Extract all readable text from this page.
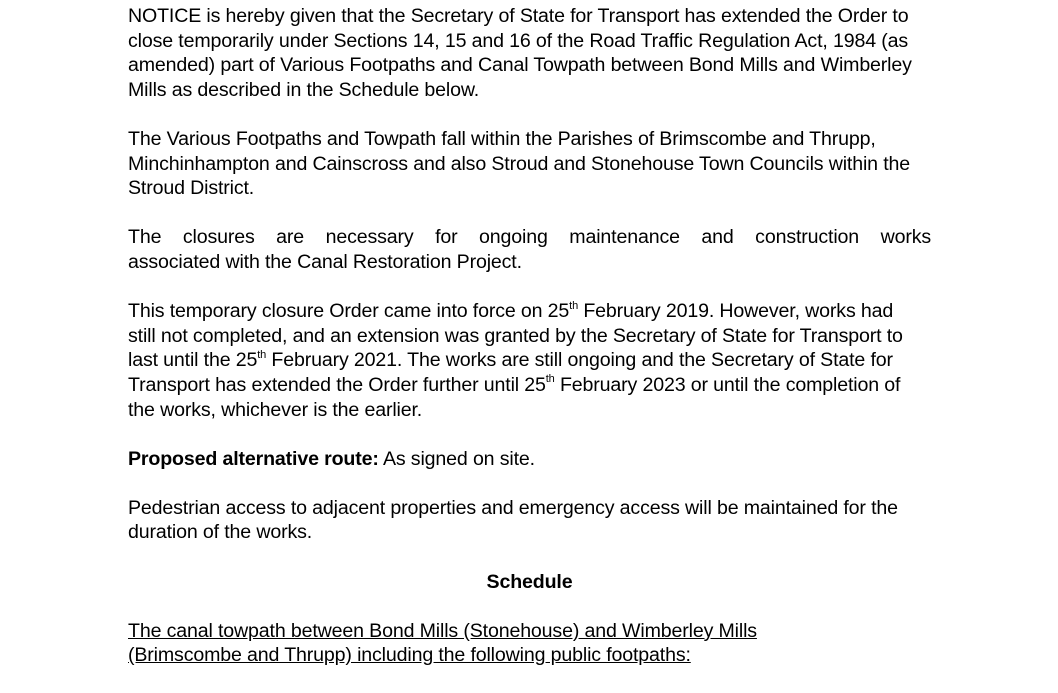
NOTICE is hereby given that the Secretary of State for Transport has extended the Order to close temporarily under Sections 14, 15 and 16 of the Road Traffic Regulation Act, 1984 (as amended) part of Various Footpaths and Canal Towpath between Bond Mills and Wimberley Mills as described in the Schedule below.

The Various Footpaths and Towpath fall within the Parishes of Brimscombe and Thrupp, Minchinhampton and Cainscross and also Stroud and Stonehouse Town Councils within the Stroud District.

The closures are necessary for ongoing maintenance and construction works
associated with the Canal Restoration Project.

This temporary closure Order came into force on 25th February 2019. However, works had still not completed, and an extension was granted by the Secretary of State for Transport to last until the 25th February 2021. The works are still ongoing and the Secretary of State for Transport has extended the Order further until 25th February 2023 or until the completion of the works, whichever is the earlier.

Proposed alternative route: As signed on site.

Pedestrian access to adjacent properties and emergency access will be maintained for the duration of the works.

Schedule

The canal towpath between Bond Mills (Stonehouse) and Wimberley Mills (Brimscombe and Thrupp) including the following public footpaths:
